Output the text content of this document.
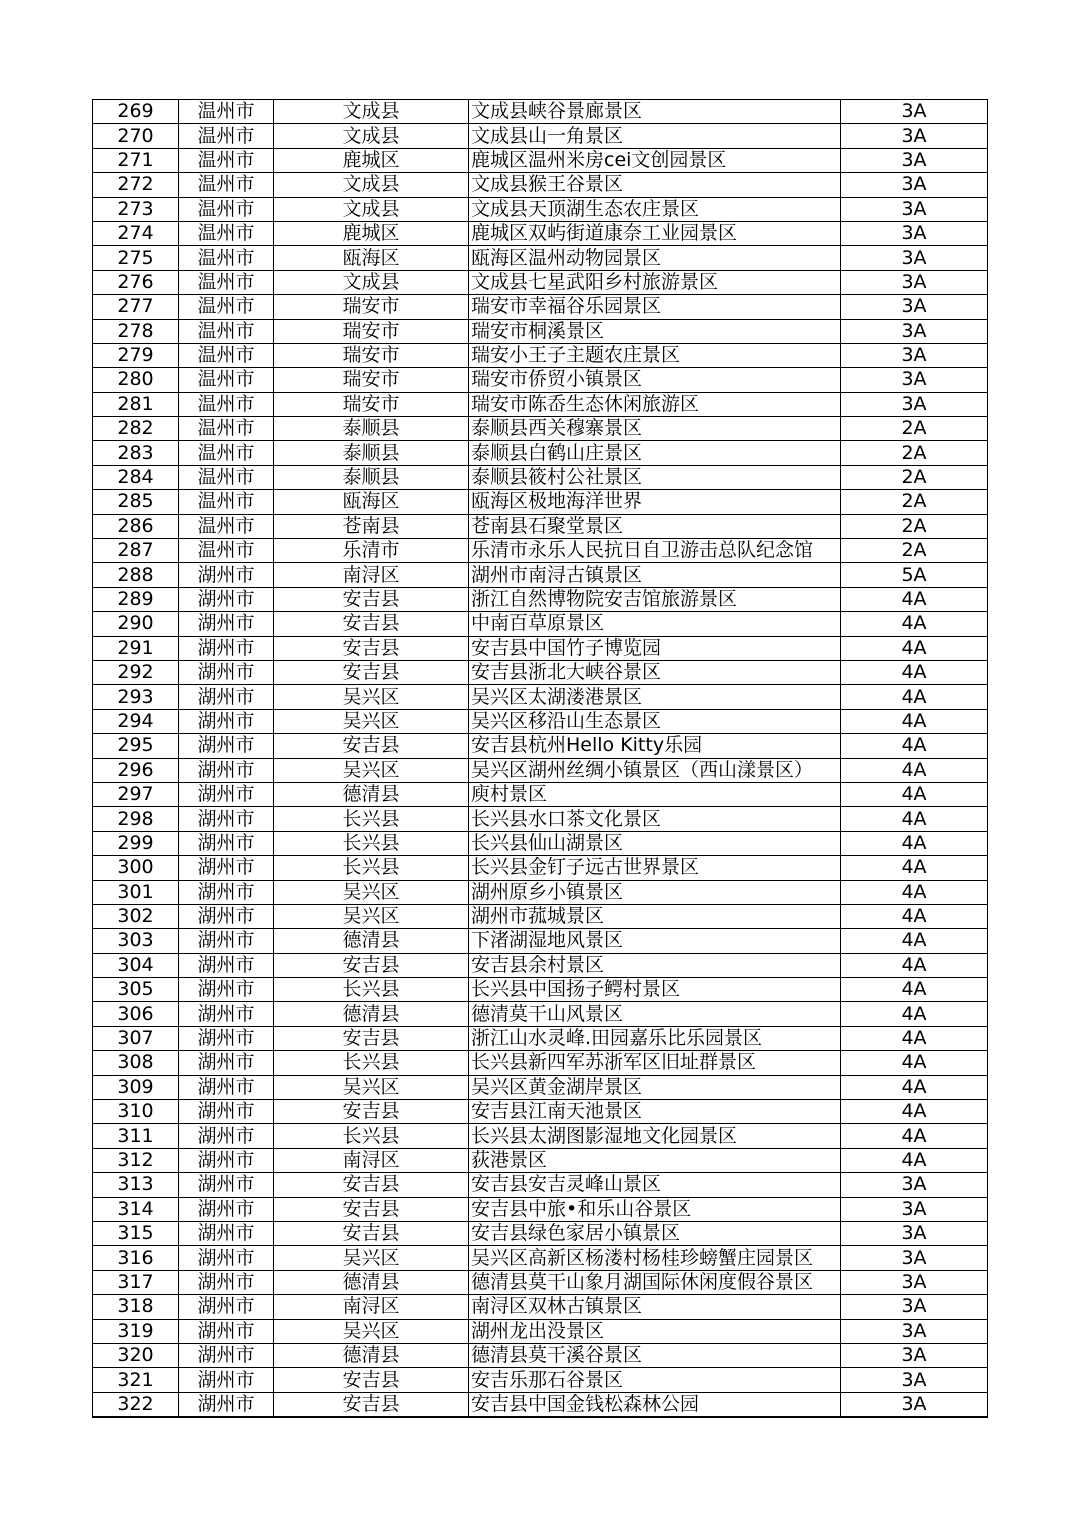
269	温州市	文成县	文成县峡谷景廊景区	3A
270	温州市	文成县	文成县山一角景区	3A
271	温州市	鹿城区	鹿城区温州米房cei文创园景区	3A
272	温州市	文成县	文成县猴王谷景区	3A
273	温州市	文成县	文成县天顶湖生态农庄景区	3A
274	温州市	鹿城区	鹿城区双屿街道康奈工业园景区	3A
275	温州市	瓯海区	瓯海区温州动物园景区	3A
276	温州市	文成县	文成县七星武阳乡村旅游景区	3A
277	温州市	瑞安市	瑞安市幸福谷乐园景区	3A
278	温州市	瑞安市	瑞安市桐溪景区	3A
279	温州市	瑞安市	瑞安小王子主题农庄景区	3A
280	温州市	瑞安市	瑞安市侨贸小镇景区	3A
281	温州市	瑞安市	瑞安市陈岙生态休闲旅游区	3A
282	温州市	泰顺县	泰顺县西关穆寨景区	2A
283	温州市	泰顺县	泰顺县白鹤山庄景区	2A
284	温州市	泰顺县	泰顺县筱村公社景区	2A
285	温州市	瓯海区	瓯海区极地海洋世界	2A
286	温州市	苍南县	苍南县石聚堂景区	2A
287	温州市	乐清市	乐清市永乐人民抗日自卫游击总队纪念馆	2A
288	湖州市	南浔区	湖州市南浔古镇景区	5A
289	湖州市	安吉县	浙江自然博物院安吉馆旅游景区	4A
290	湖州市	安吉县	中南百草原景区	4A
291	湖州市	安吉县	安吉县中国竹子博览园	4A
292	湖州市	安吉县	安吉县浙北大峡谷景区	4A
293	湖州市	吴兴区	吴兴区太湖溇港景区	4A
294	湖州市	吴兴区	吴兴区移沿山生态景区	4A
295	湖州市	安吉县	安吉县杭州Hello Kitty乐园	4A
296	湖州市	吴兴区	吴兴区湖州丝绸小镇景区（西山漾景区）	4A
297	湖州市	德清县	庾村景区	4A
298	湖州市	长兴县	长兴县水口茶文化景区	4A
299	湖州市	长兴县	长兴县仙山湖景区	4A
300	湖州市	长兴县	长兴县金钉子远古世界景区	4A
301	湖州市	吴兴区	湖州原乡小镇景区	4A
302	湖州市	吴兴区	湖州市菰城景区	4A
303	湖州市	德清县	下渚湖湿地风景区	4A
304	湖州市	安吉县	安吉县余村景区	4A
305	湖州市	长兴县	长兴县中国扬子鳄村景区	4A
306	湖州市	德清县	德清莫干山风景区	4A
307	湖州市	安吉县	浙江山水灵峰.田园嘉乐比乐园景区	4A
308	湖州市	长兴县	长兴县新四军苏浙军区旧址群景区	4A
309	湖州市	吴兴区	吴兴区黄金湖岸景区	4A
310	湖州市	安吉县	安吉县江南天池景区	4A
311	湖州市	长兴县	长兴县太湖图影湿地文化园景区	4A
312	湖州市	南浔区	荻港景区	4A
313	湖州市	安吉县	安吉县安吉灵峰山景区	3A
314	湖州市	安吉县	安吉县中旅•和乐山谷景区	3A
315	湖州市	安吉县	安吉县绿色家居小镇景区	3A
316	湖州市	吴兴区	吴兴区高新区杨溇村杨桂珍螃蟹庄园景区	3A
317	湖州市	德清县	德清县莫干山象月湖国际休闲度假谷景区	3A
318	湖州市	南浔区	南浔区双林古镇景区	3A
319	湖州市	吴兴区	湖州龙出没景区	3A
320	湖州市	德清县	德清县莫干溪谷景区	3A
321	湖州市	安吉县	安吉乐那石谷景区	3A
322	湖州市	安吉县	安吉县中国金钱松森林公园	3A
